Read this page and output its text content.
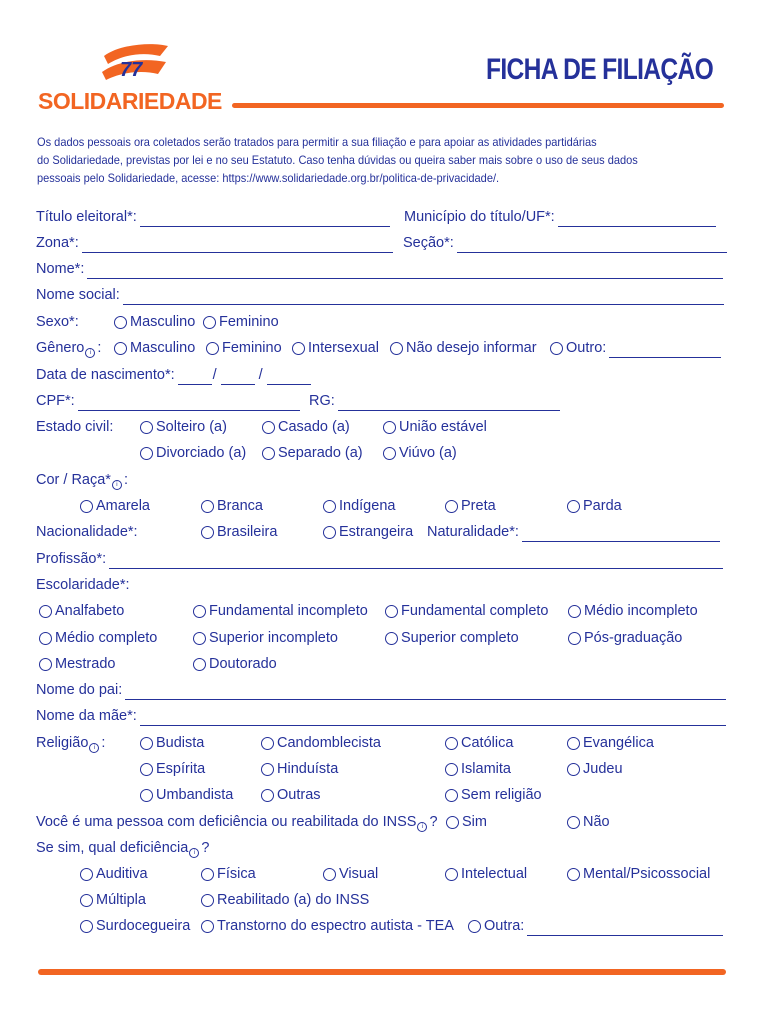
77
SOLIDARIEDADE
FICHA DE FILIAÇÃO
Os dados pessoais ora coletados serão tratados para permitir a sua filiação e para apoiar as atividades partidárias
do Solidariedade, previstas por lei e no seu Estatuto. Caso tenha dúvidas ou queira saber mais sobre o uso de seus dados
pessoais pelo Solidariedade, acesse: https://www.solidariedade.org.br/politica-de-privacidade/.
Título eleitoral*:	Município do título/UF*:
Zona*:	Seção*:
Nome*:
Nome social:
Sexo*:	Masculino Feminino
Gênero i : Masculino Feminino Intersexual Não desejo informar Outro:
Data de nascimento*:	/	/
CPF*:	RG:
Estado civil:	Solteiro (a)	Casado (a)	União estável
Divorciado (a) Separado (a)	Viúvo (a)
Cor / Raça* i :
Amarela	Branca	Indígena	Preta	Parda
Nacionalidade*:	Brasileira	Estrangeira Naturalidade*:
Profissão*:
Escolaridade*:
Analfabeto	Fundamental incompleto Fundamental completo Médio incompleto
Médio completo	Superior incompleto	Superior completo	Pós-graduação
Mestrado	Doutorado
Nome do pai:
Nome da mãe*:
Religião i :	Budista	Candomblecista	Católica	Evangélica
Espírita	Hinduísta	Islamita	Judeu
Umbandista	Outras	Sem religião
Você é uma pessoa com deficiência ou reabilitada do INSS i ? Sim	Não
Se sim, qual deficiência i ?
Auditiva	Física	Visual	Intelectual	Mental/Psicossocial
Múltipla	Reabilitado (a) do INSS
Surdocegueira Transtorno do espectro autista - TEA Outra:
